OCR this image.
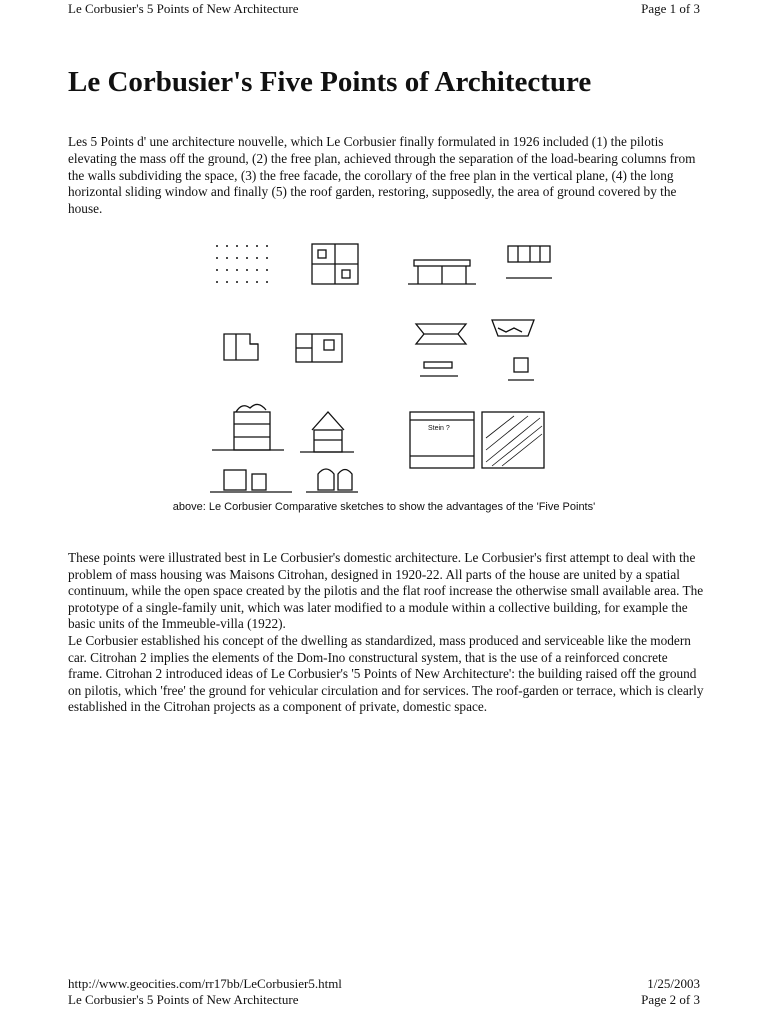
Le Corbusier's 5 Points of New Architecture	Page 1 of 3
Le Corbusier's Five Points of Architecture

Les 5 Points d' une architecture nouvelle, which Le Corbusier finally formulated in 1926 included (1) the pilotis elevating the mass off the ground, (2) the free plan, achieved through the separation of the load-bearing columns from the walls subdividing the space, (3) the free facade, the corollary of the free plan in the vertical plane, (4) the long horizontal sliding window and finally (5) the roof garden, restoring, supposedly, the area of ground covered by the house.

Stein ?
above: Le Corbusier Comparative sketches to show the advantages of the 'Five Points'

These points were illustrated best in Le Corbusier's domestic architecture. Le Corbusier's first attempt to deal with the problem of mass housing was Maisons Citrohan, designed in 1920-22. All parts of the house are united by a spatial continuum, while the open space created by the pilotis and the flat roof increase the otherwise small available area. The prototype of a single-family unit, which was later modified to a module within a collective building, for example the basic units of the Immeuble-villa (1922).
Le Corbusier established his concept of the dwelling as standardized, mass produced and serviceable like the modern car. Citrohan 2 implies the elements of the Dom-Ino constructural system, that is the use of a reinforced concrete frame. Citrohan 2 introduced ideas of Le Corbusier's '5 Points of New Architecture': the building raised off the ground on pilotis, which 'free' the ground for vehicular circulation and for services. The roof-garden or terrace, which is clearly established in the Citrohan projects as a component of private, domestic space.

http://www.geocities.com/rr17bb/LeCorbusier5.html	1/25/2003
Le Corbusier's 5 Points of New Architecture	Page 2 of 3
